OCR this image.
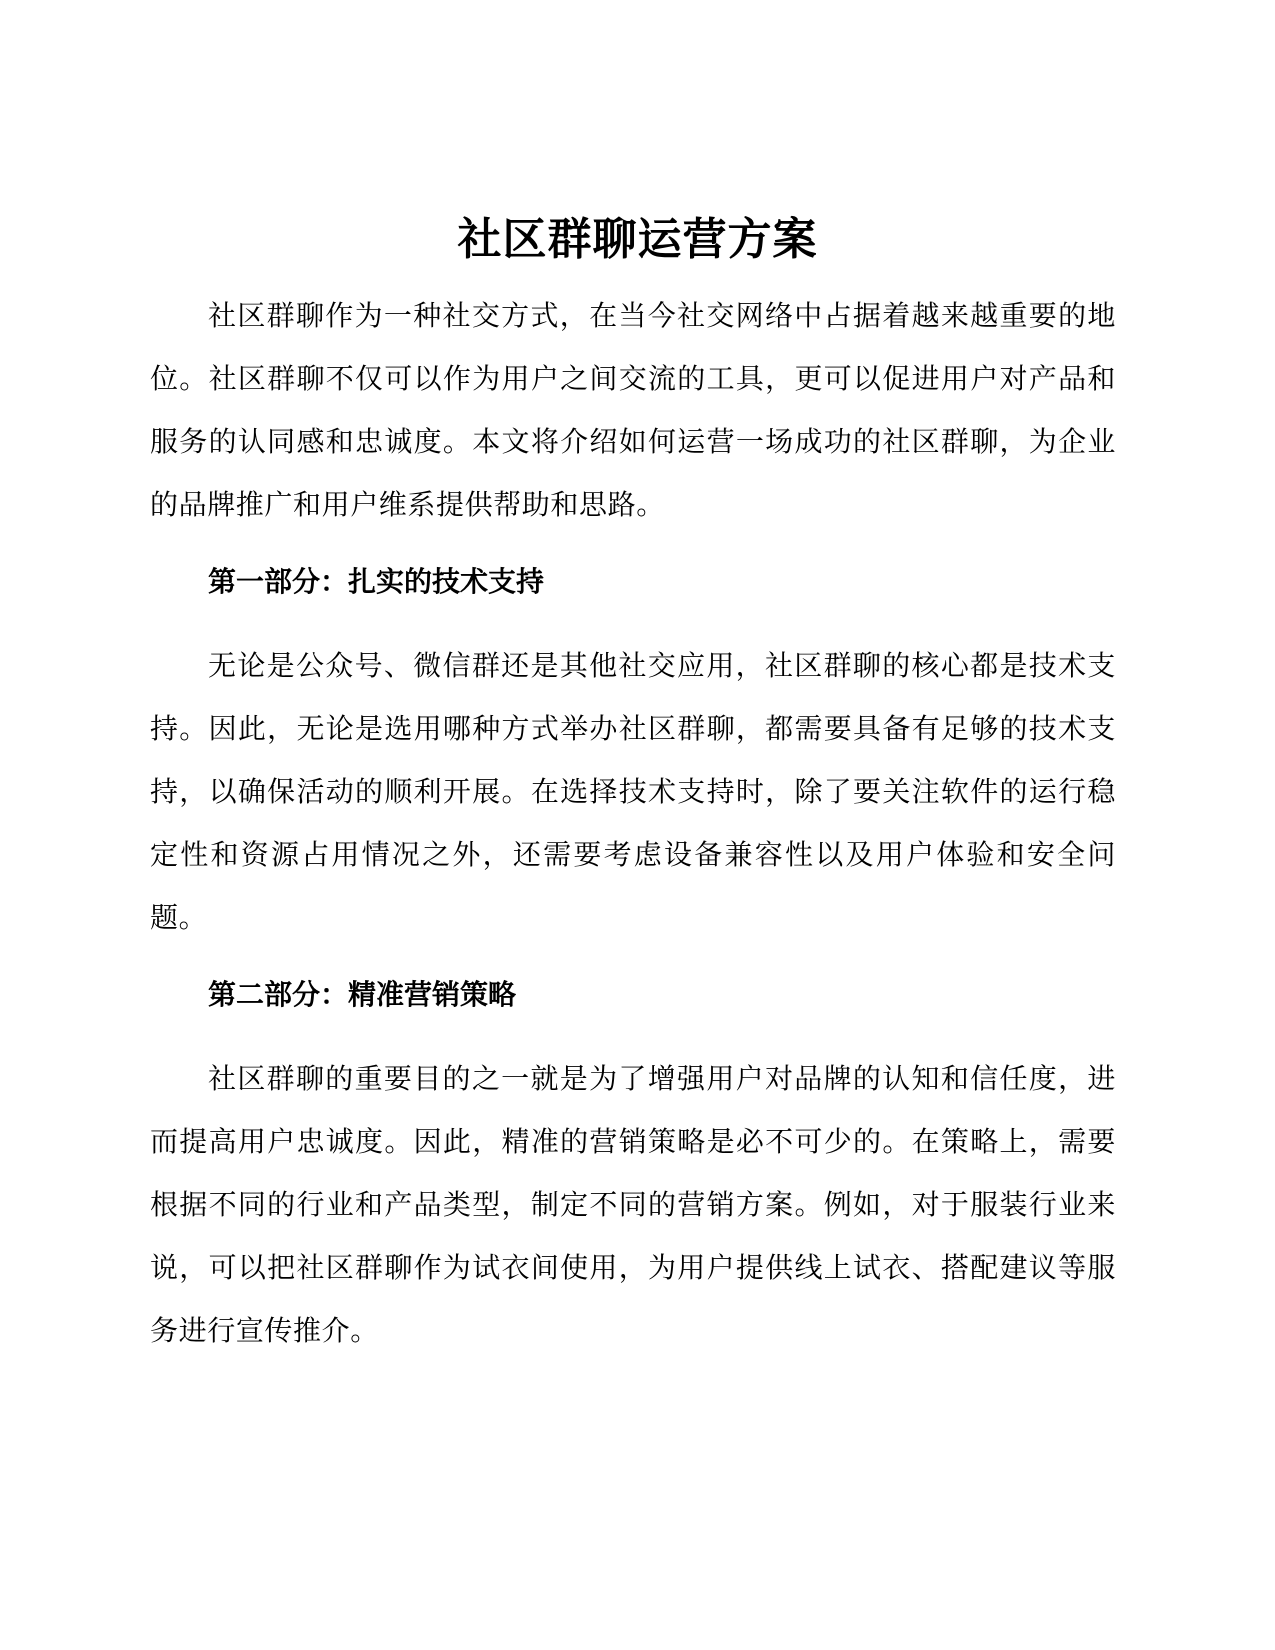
社区群聊运营方案

社区群聊作为一种社交方式，在当今社交网络中占据着越来越重要的地位。社区群聊不仅可以作为用户之间交流的工具，更可以促进用户对产品和服务的认同感和忠诚度。本文将介绍如何运营一场成功的社区群聊，为企业的品牌推广和用户维系提供帮助和思路。

第一部分：扎实的技术支持

无论是公众号、微信群还是其他社交应用，社区群聊的核心都是技术支持。因此，无论是选用哪种方式举办社区群聊，都需要具备有足够的技术支持，以确保活动的顺利开展。在选择技术支持时，除了要关注软件的运行稳定性和资源占用情况之外，还需要考虑设备兼容性以及用户体验和安全问题。

第二部分：精准营销策略

社区群聊的重要目的之一就是为了增强用户对品牌的认知和信任度，进而提高用户忠诚度。因此，精准的营销策略是必不可少的。在策略上，需要根据不同的行业和产品类型，制定不同的营销方案。例如，对于服装行业来说，可以把社区群聊作为试衣间使用，为用户提供线上试衣、搭配建议等服务进行宣传推介。
